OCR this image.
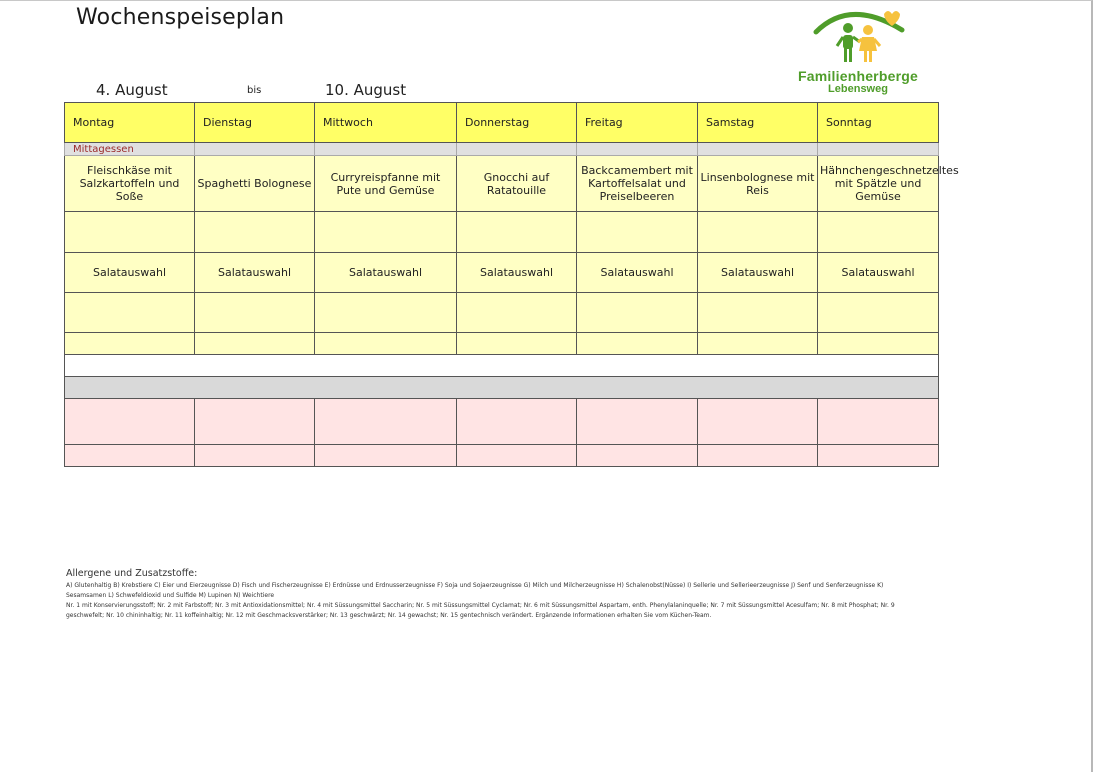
Wochenspeiseplan
4. August	bis	10. August
Familienherberge
Lebensweg
Montag	Dienstag	Mittwoch	Donnerstag	Freitag	Samstag	Sonntag
Mittagessen						
Fleischkäse mit Salzkartoffeln und Soße	Spaghetti Bolognese	Curryreispfanne mit Pute und Gemüse	Gnocchi auf Ratatouille	Backcamembert mit Kartoffelsalat und Preiselbeeren	Linsenbolognese mit Reis	Hähnchengeschnetzeltes mit Spätzle und Gemüse

Salatauswahl	Salatauswahl	Salatauswahl	Salatauswahl	Salatauswahl	Salatauswahl	Salatauswahl

Allergene und Zusatzstoffe:
A) Glutenhaltig B) Krebstiere C) Eier und Eierzeugnisse D) Fisch und Fischerzeugnisse E) Erdnüsse und Erdnusserzeugnisse F) Soja und Sojaerzeugnisse G) Milch und Milcherzeugnisse H) Schalenobst(Nüsse) I) Sellerie und Sellerieerzeugnisse J) Senf und Senferzeugnisse K)
Sesamsamen L) Schwefeldioxid und Sulfide M) Lupinen N) Weichtiere
Nr. 1 mit Konservierungsstoff; Nr. 2 mit Farbstoff; Nr. 3 mit Antioxidationsmittel; Nr. 4 mit Süssungsmittel Saccharin; Nr. 5 mit Süssungsmittel Cyclamat; Nr. 6 mit Süssungsmittel Aspartam, enth. Phenylalaninquelle; Nr. 7 mit Süssungsmittel Acesulfam; Nr. 8 mit Phosphat; Nr. 9
geschwefelt; Nr. 10 chininhaltig; Nr. 11 koffeinhaltig; Nr. 12 mit Geschmacksverstärker; Nr. 13 geschwärzt; Nr. 14 gewachst; Nr. 15 gentechnisch verändert. Ergänzende Informationen erhalten Sie vom Küchen-Team.
